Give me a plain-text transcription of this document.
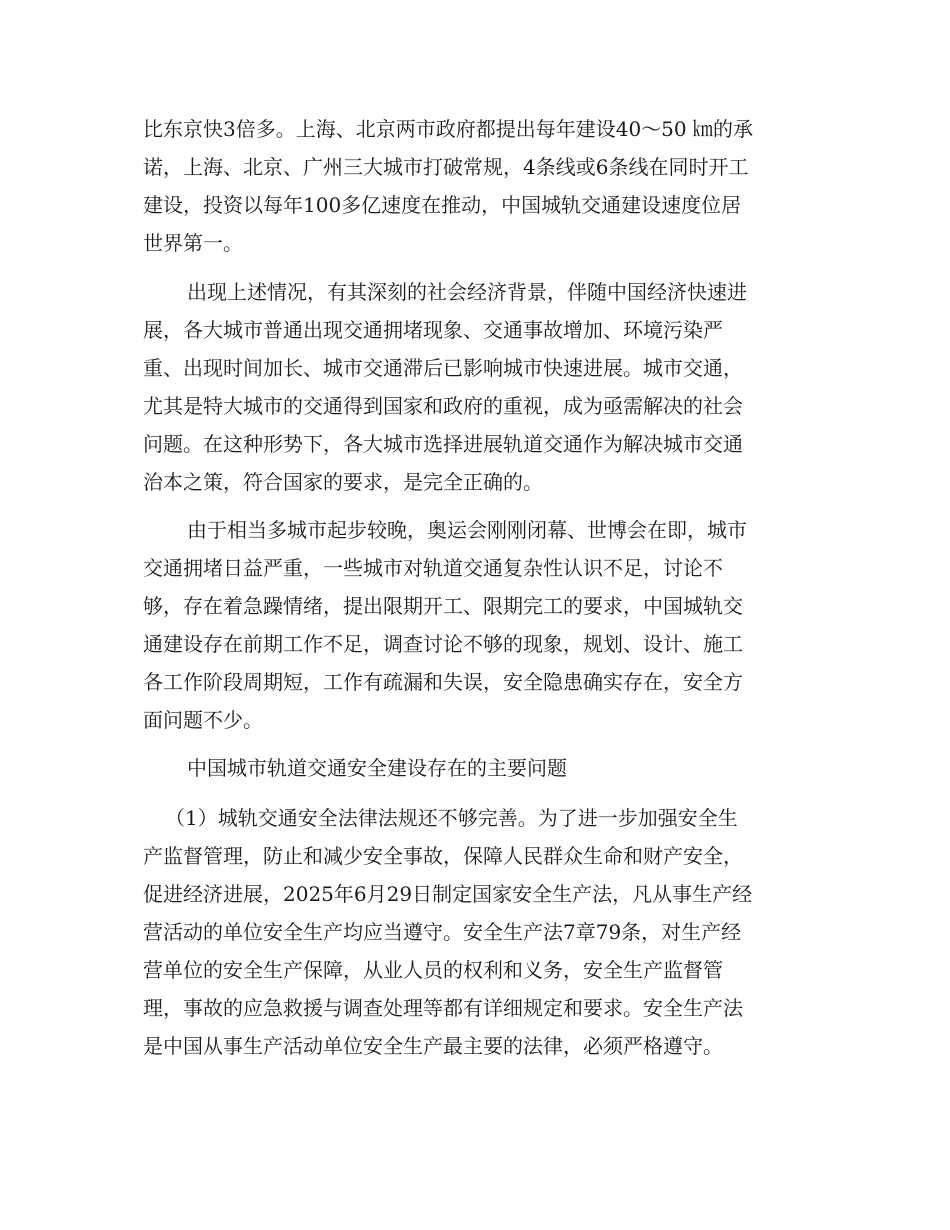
比东京快3倍多。上海、北京两市政府都提出每年建设40～50 ㎞的承
诺，上海、北京、广州三大城市打破常规，4条线或6条线在同时开工
建设，投资以每年100多亿速度在推动，中国城轨交通建设速度位居
世界第一。
出现上述情况，有其深刻的社会经济背景，伴随中国经济快速进
展，各大城市普通出现交通拥堵现象、交通事故增加、环境污染严
重、出现时间加长、城市交通滞后已影响城市快速进展。城市交通，
尤其是特大城市的交通得到国家和政府的重视，成为亟需解决的社会
问题。在这种形势下，各大城市选择进展轨道交通作为解决城市交通
治本之策，符合国家的要求，是完全正确的。
由于相当多城市起步较晚，奥运会刚刚闭幕、世博会在即，城市
交通拥堵日益严重，一些城市对轨道交通复杂性认识不足，讨论不
够，存在着急躁情绪，提出限期开工、限期完工的要求，中国城轨交
通建设存在前期工作不足，调查讨论不够的现象，规划、设计、施工
各工作阶段周期短，工作有疏漏和失误，安全隐患确实存在，安全方
面问题不少。
中国城市轨道交通安全建设存在的主要问题
（1）城轨交通安全法律法规还不够完善。为了进一步加强安全生
产监督管理，防止和减少安全事故，保障人民群众生命和财产安全，
促进经济进展，2025年6月29日制定国家安全生产法，凡从事生产经
营活动的单位安全生产均应当遵守。安全生产法7章79条，对生产经
营单位的安全生产保障，从业人员的权利和义务，安全生产监督管
理，事故的应急救援与调查处理等都有详细规定和要求。安全生产法
是中国从事生产活动单位安全生产最主要的法律，必须严格遵守。
